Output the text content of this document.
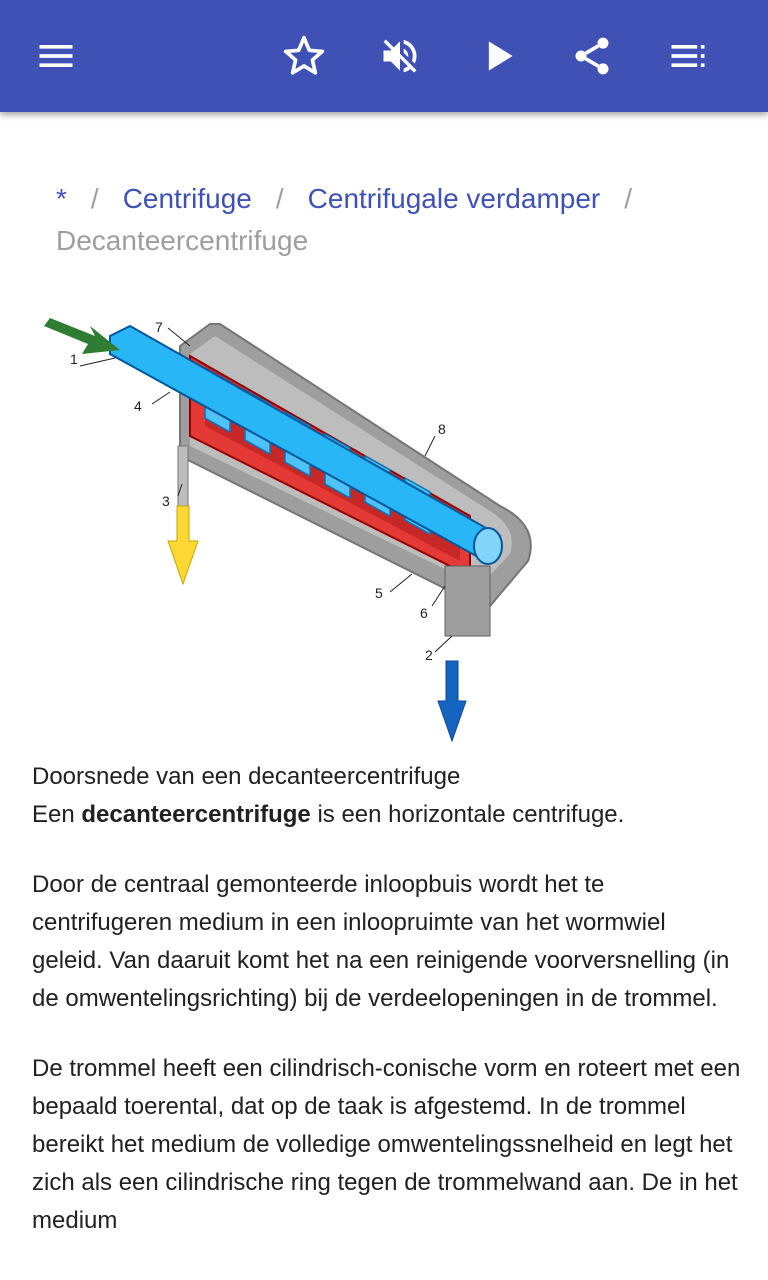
* / Centrifuge / Centrifugale verdamper /
Decanteercentrifuge
1
2
3
4
5
6
7
8

Doorsnede van een decanteercentrifuge

Een decanteercentrifuge is een horizontale centrifuge.

Door de centraal gemonteerde inloopbuis wordt het te centrifugeren medium in een inloopruimte van het wormwiel geleid. Van daaruit komt het na een reinigende voorversnelling (in de omwentelingsrichting) bij de verdeelopeningen in de trommel.

De trommel heeft een cilindrisch-conische vorm en roteert met een bepaald toerental, dat op de taak is afgestemd. In de trommel bereikt het medium de volledige omwentelingssnelheid en legt het zich als een cilindrische ring tegen de trommelwand aan. De in het medium
